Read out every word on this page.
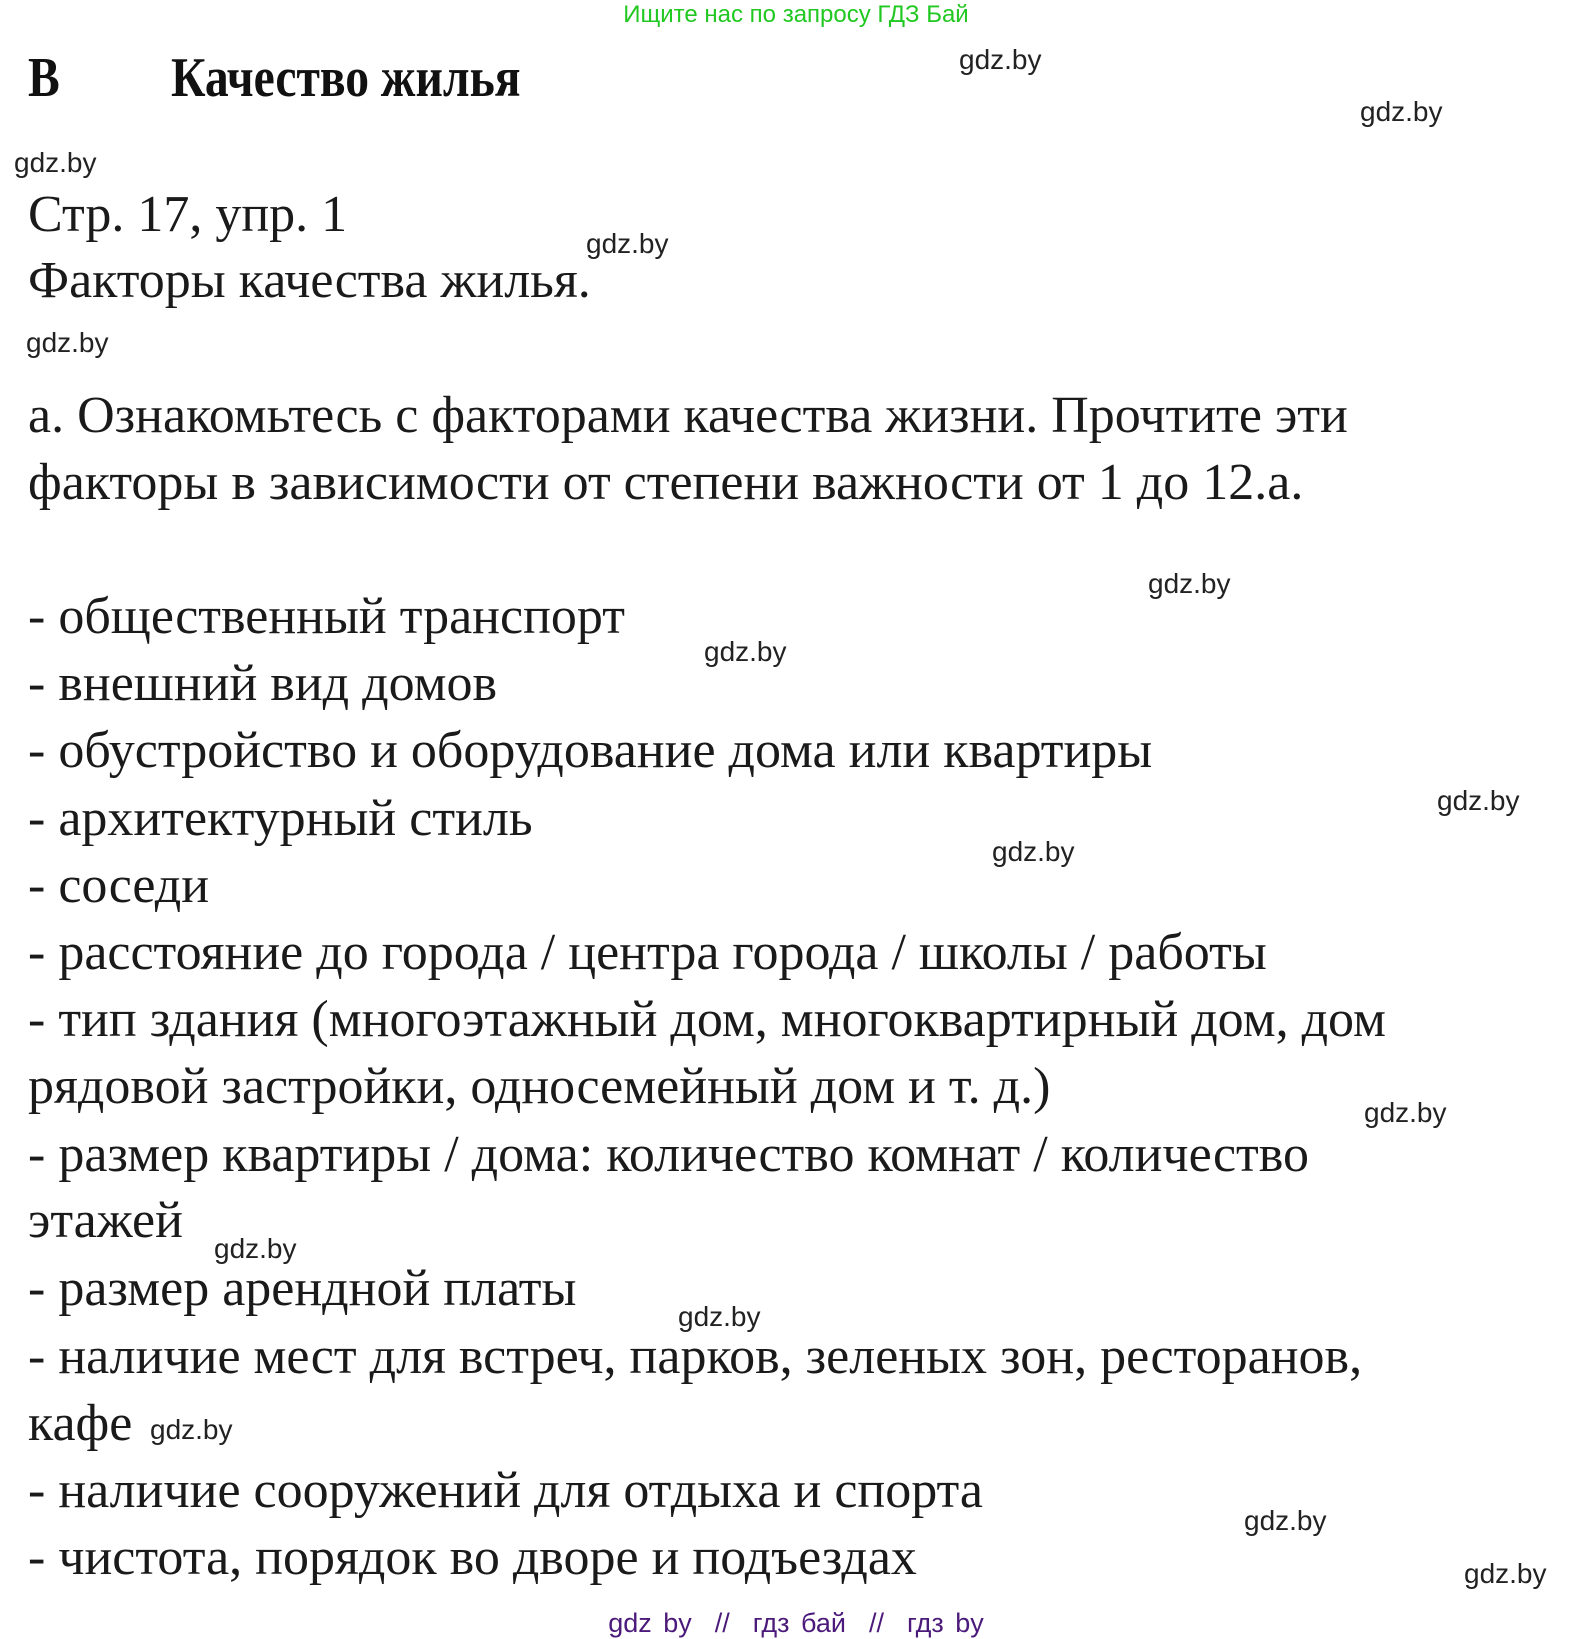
Ищите нас по запросу ГДЗ Бай
В Качество жилья
Стр. 17, упр. 1
Факторы качества жилья.
а. Ознакомьтесь с факторами качества жизни. Прочтите эти
факторы в зависимости от степени важности от 1 до 12.а.
- общественный транспорт
- внешний вид домов
- обустройство и оборудование дома или квартиры
- архитектурный стиль
- соседи
- расстояние до города / центра города / школы / работы
- тип здания (многоэтажный дом, многоквартирный дом, дом
рядовой застройки, односемейный дом и т. д.)
- размер квартиры / дома: количество комнат / количество
этажей
- размер арендной платы
- наличие мест для встреч, парков, зеленых зон, ресторанов,
кафе
- наличие сооружений для отдыха и спорта
- чистота, порядок во дворе и подъездах
gdz.by
gdz.by
gdz.by
gdz.by
gdz.by
gdz.by
gdz.by
gdz.by
gdz.by
gdz.by
gdz.by
gdz.by
gdz.by
gdz.by
gdz.by
gdz by  //  гдз бай  //  гдз by
